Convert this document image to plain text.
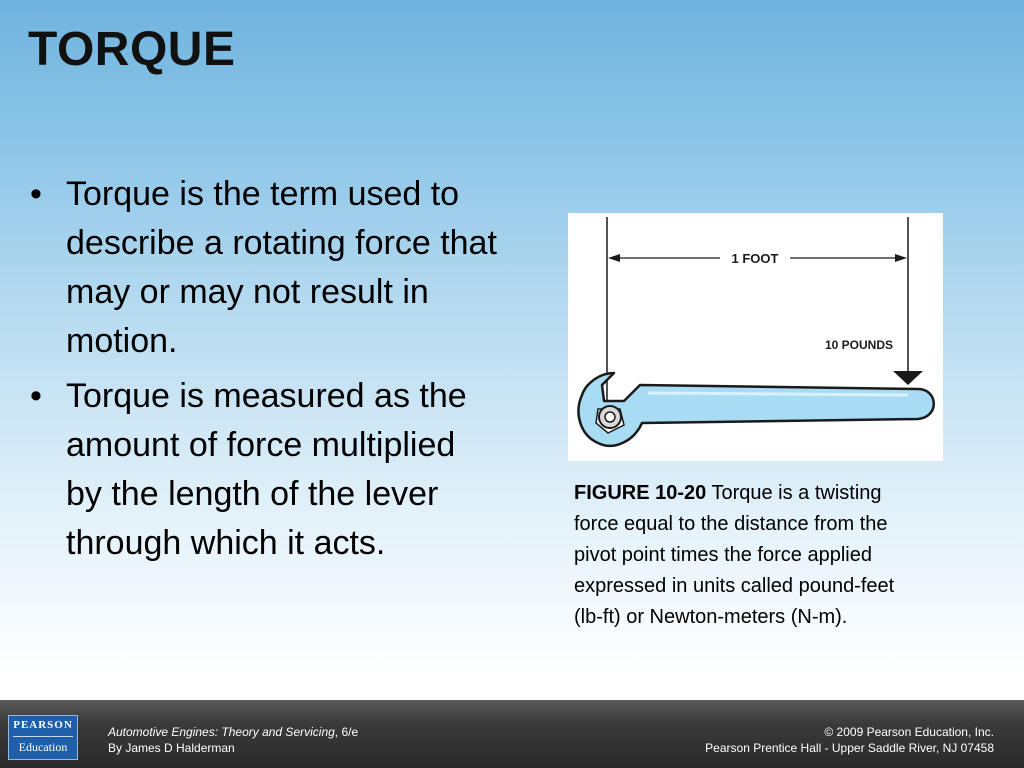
TORQUE
• Torque is the term used to describe a rotating force that may or may not result in motion.
• Torque is measured as the amount of force multiplied by the length of the lever through which it acts.
1 FOOT
10 POUNDS
FIGURE 10-20 Torque is a twisting force equal to the distance from the pivot point times the force applied expressed in units called pound-feet (lb-ft) or Newton-meters (N-m).
PEARSON
Education
Automotive Engines: Theory and Servicing, 6/e
By James D Halderman
© 2009 Pearson Education, Inc.
Pearson Prentice Hall - Upper Saddle River, NJ 07458
